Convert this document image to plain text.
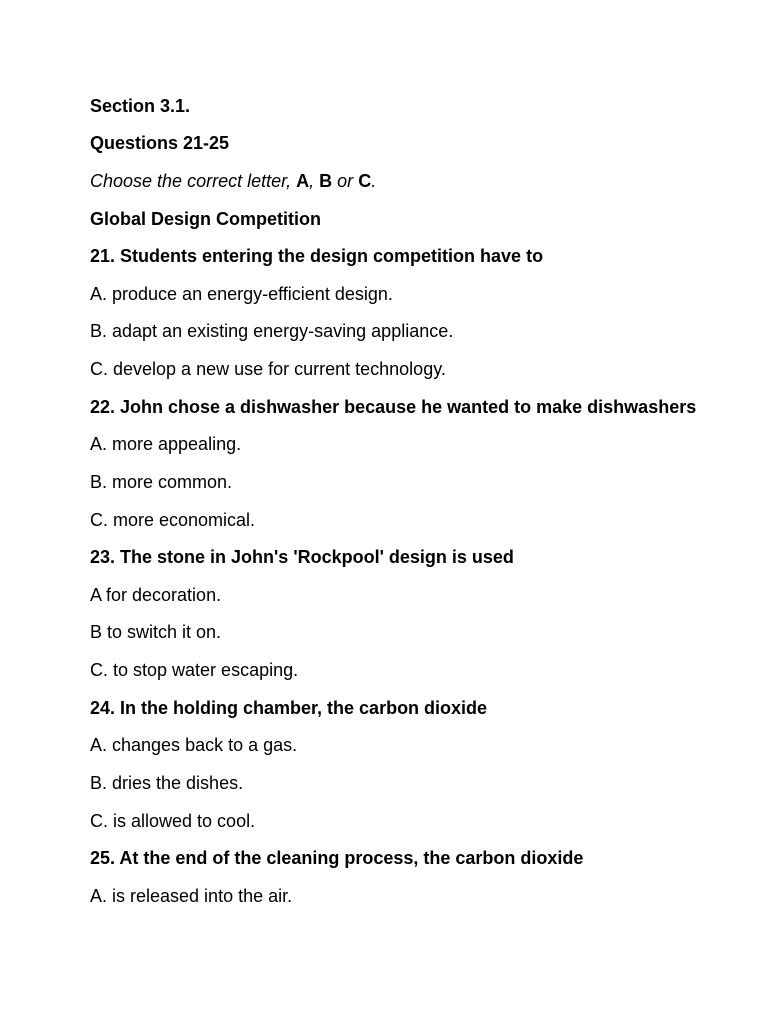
Section 3.1.
Questions 21-25
Choose the correct letter, A, B or C.
Global Design Competition
21. Students entering the design competition have to
A. produce an energy-efficient design.
B. adapt an existing energy-saving appliance.
C. develop a new use for current technology.
22. John chose a dishwasher because he wanted to make dishwashers
A. more appealing.
B. more common.
C. more economical.
23. The stone in John's 'Rockpool' design is used
A for decoration.
B to switch it on.
C. to stop water escaping.
24. In the holding chamber, the carbon dioxide
A. changes back to a gas.
B. dries the dishes.
C. is allowed to cool.
25. At the end of the cleaning process, the carbon dioxide
A. is released into the air.
